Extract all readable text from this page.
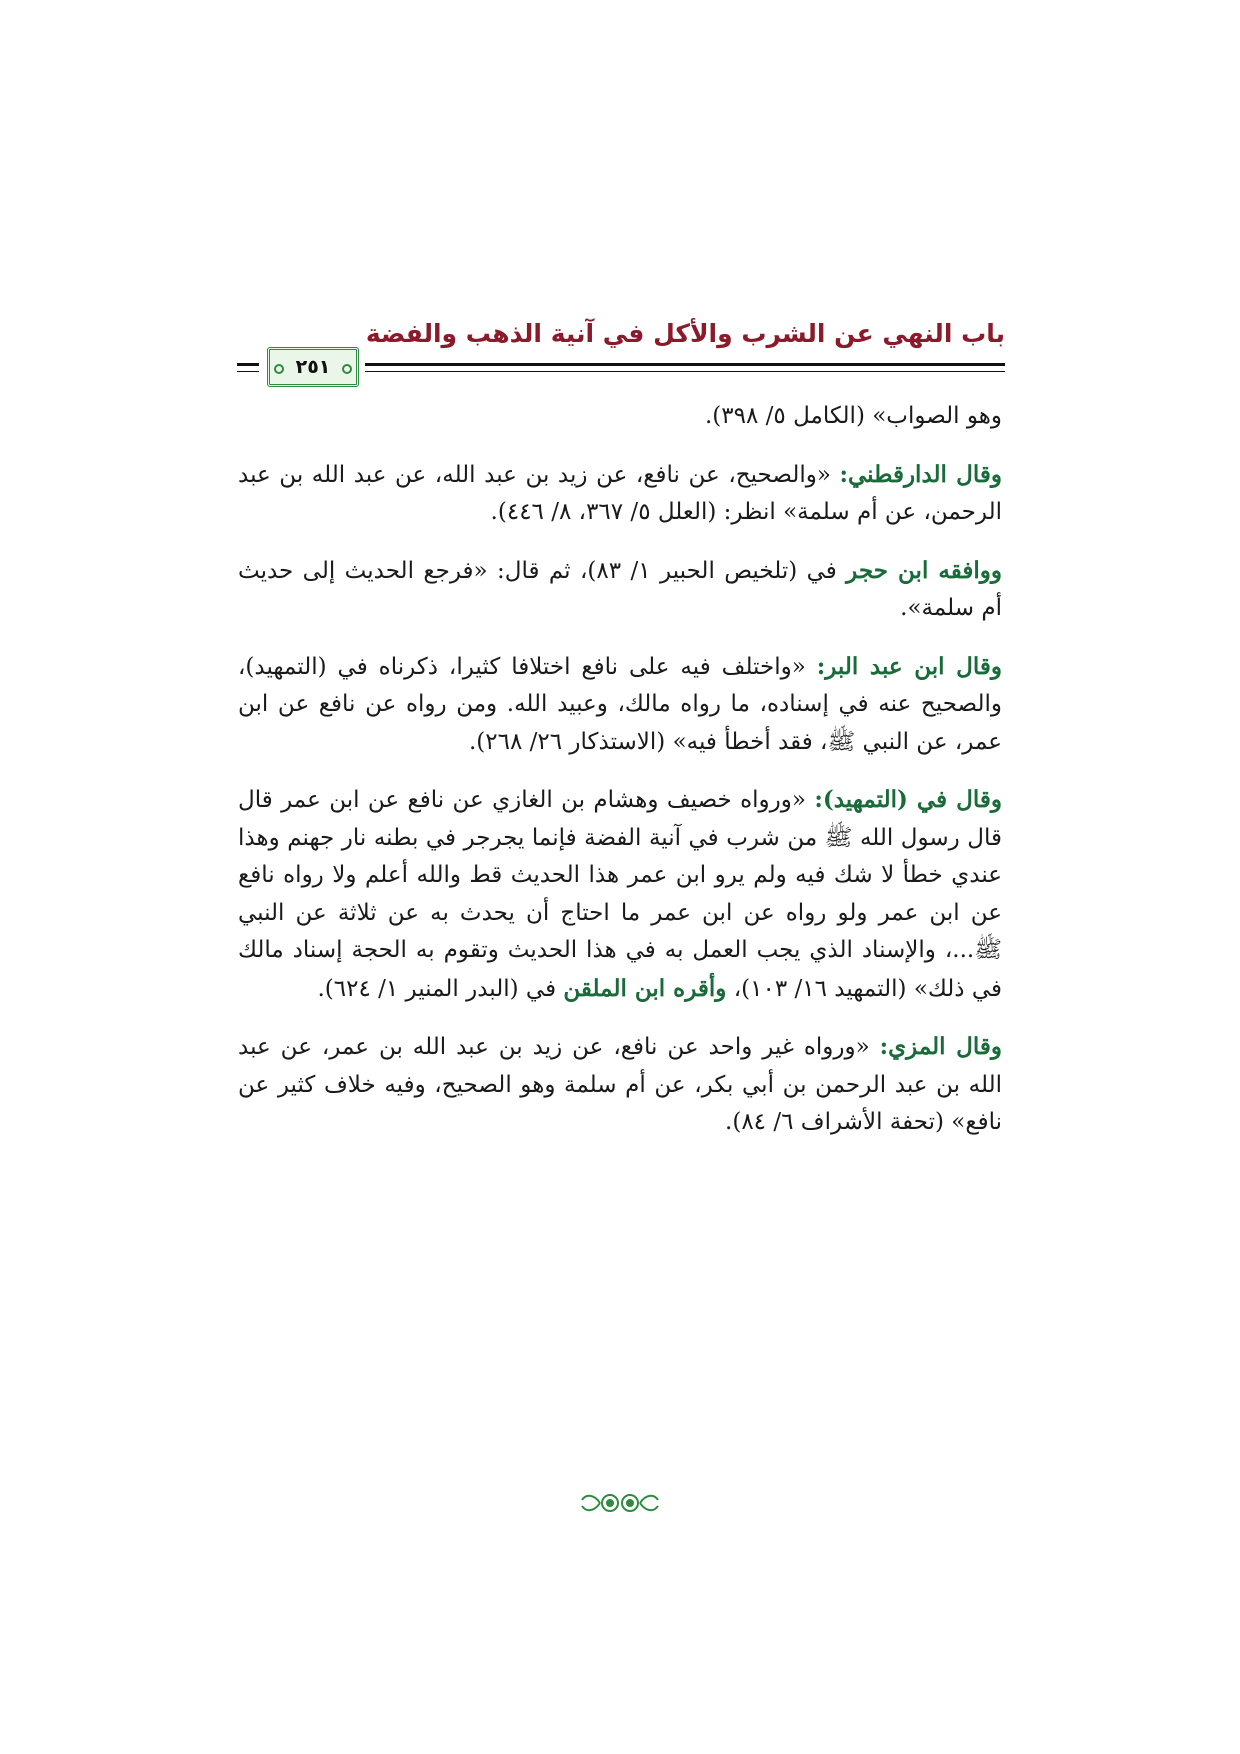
باب النهي عن الشرب والأكل في آنية الذهب والفضة
٢٥١

وهو الصواب» (الكامل ٥/ ٣٩٨).

وقال الدارقطني: «والصحيح، عن نافع، عن زيد بن عبد الله، عن عبد الله بن عبد الرحمن، عن أم سلمة» انظر: (العلل ٥/ ٣٦٧، ٨/ ٤٤٦).

ووافقه ابن حجر في (تلخيص الحبير ١/ ٨٣)، ثم قال: «فرجع الحديث إلى حديث أم سلمة».

وقال ابن عبد البر: «واختلف فيه على نافع اختلافا كثيرا، ذكرناه في (التمهيد)، والصحيح عنه في إسناده، ما رواه مالك، وعبيد الله. ومن رواه عن نافع عن ابن عمر، عن النبي ﷺ، فقد أخطأ فيه» (الاستذكار ٢٦/ ٢٦٨).

وقال في (التمهيد): «ورواه خصيف وهشام بن الغازي عن نافع عن ابن عمر قال قال رسول الله ﷺ من شرب في آنية الفضة فإنما يجرجر في بطنه نار جهنم وهذا عندي خطأ لا شك فيه ولم يرو ابن عمر هذا الحديث قط والله أعلم ولا رواه نافع عن ابن عمر ولو رواه عن ابن عمر ما احتاج أن يحدث به عن ثلاثة عن النبي ﷺ...، والإسناد الذي يجب العمل به في هذا الحديث وتقوم به الحجة إسناد مالك في ذلك» (التمهيد ١٦/ ١٠٣)، وأقره ابن الملقن في (البدر المنير ١/ ٦٢٤).

وقال المزي: «ورواه غير واحد عن نافع، عن زيد بن عبد الله بن عمر، عن عبد الله بن عبد الرحمن بن أبي بكر، عن أم سلمة وهو الصحيح، وفيه خلاف كثير عن نافع» (تحفة الأشراف ٦/ ٨٤).
